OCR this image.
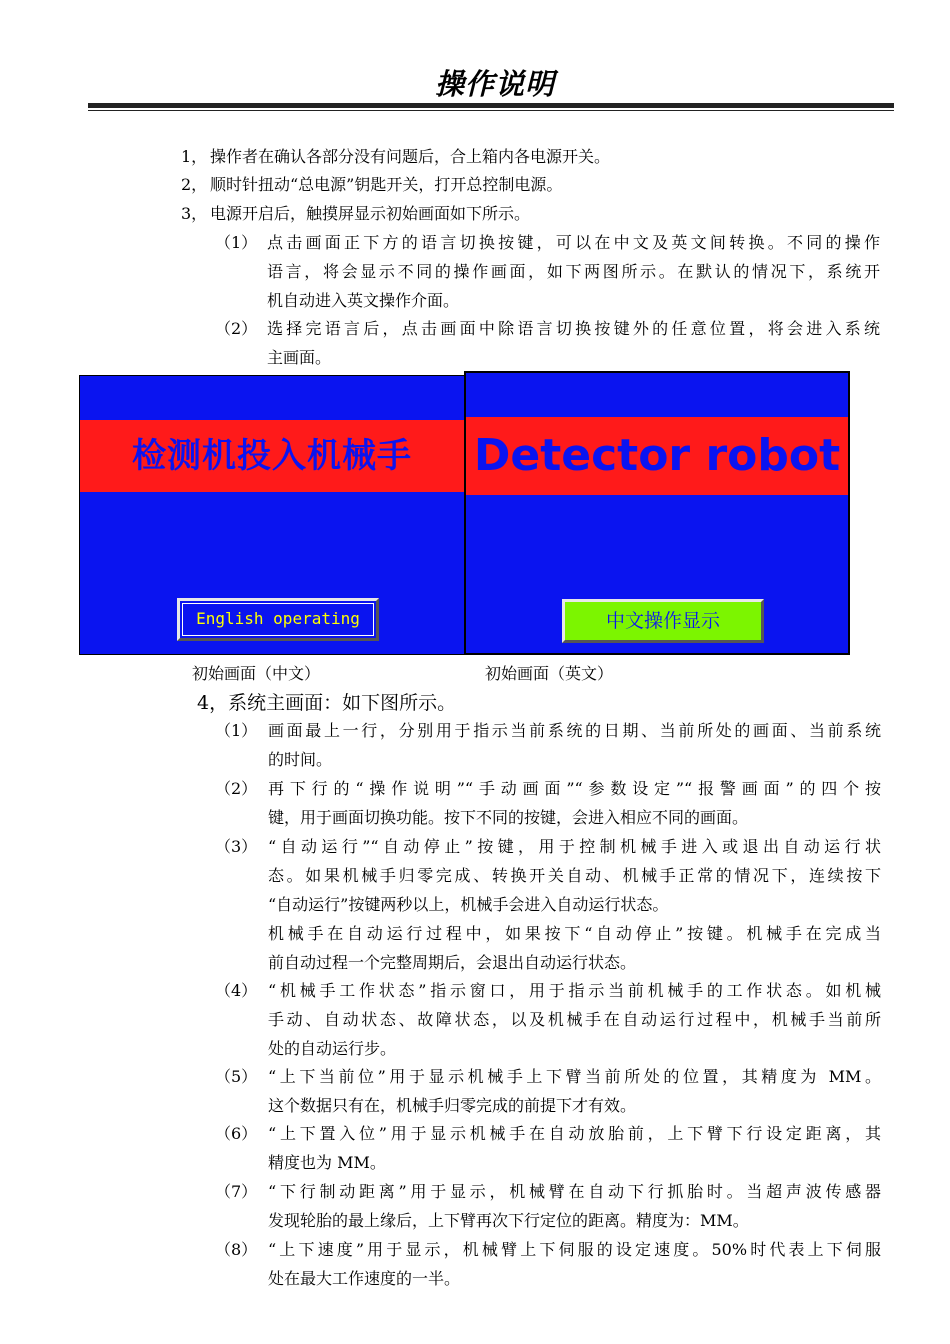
操作说明
1， 操作者在确认各部分没有问题后，合上箱内各电源开关。
2， 顺时针扭动“总电源”钥匙开关，打开总控制电源。
3， 电源开启后，触摸屏显示初始画面如下所示。
（1） 点击画面正下方的语言切换按键，可以在中文及英文间转换。不同的操作
语言，将会显示不同的操作画面，如下两图所示。在默认的情况下，系统开
机自动进入英文操作介面。
（2） 选择完语言后，点击画面中除语言切换按键外的任意位置，将会进入系统
主画面。
（1） 画面最上一行，分别用于指示当前系统的日期、当前所处的画面、当前系统
的时间。
（2） 再下行的“操作说明”“手动画面”“参数设定”“报警画面”的四个按
键，用于画面切换功能。按下不同的按键，会进入相应不同的画面。
（3） “自动运行”“自动停止”按键，用于控制机械手进入或退出自动运行状
态。如果机械手归零完成、转换开关自动、机械手正常的情况下，连续按下
“自动运行”按键两秒以上，机械手会进入自动运行状态。
机械手在自动运行过程中，如果按下“自动停止”按键。机械手在完成当
前自动过程一个完整周期后，会退出自动运行状态。
（4） “机械手工作状态”指示窗口，用于指示当前机械手的工作状态。如机械
手动、自动状态、故障状态，以及机械手在自动运行过程中，机械手当前所
处的自动运行步。
（5） “上下当前位”用于显示机械手上下臂当前所处的位置，其精度为 MM。
这个数据只有在，机械手归零完成的前提下才有效。
（6） “上下置入位”用于显示机械手在自动放胎前，上下臂下行设定距离，其
精度也为 MM。
（7） “下行制动距离”用于显示，机械臂在自动下行抓胎时。当超声波传感器
发现轮胎的最上缘后，上下臂再次下行定位的距离。精度为：MM。
（8） “上下速度”用于显示，机械臂上下伺服的设定速度。50%时代表上下伺服
处在最大工作速度的一半。
检测机投入机械手
English operating
Detector robot
中文操作显示
初始画面（中文）	初始画面（英文）
4，系统主画面：如下图所示。
